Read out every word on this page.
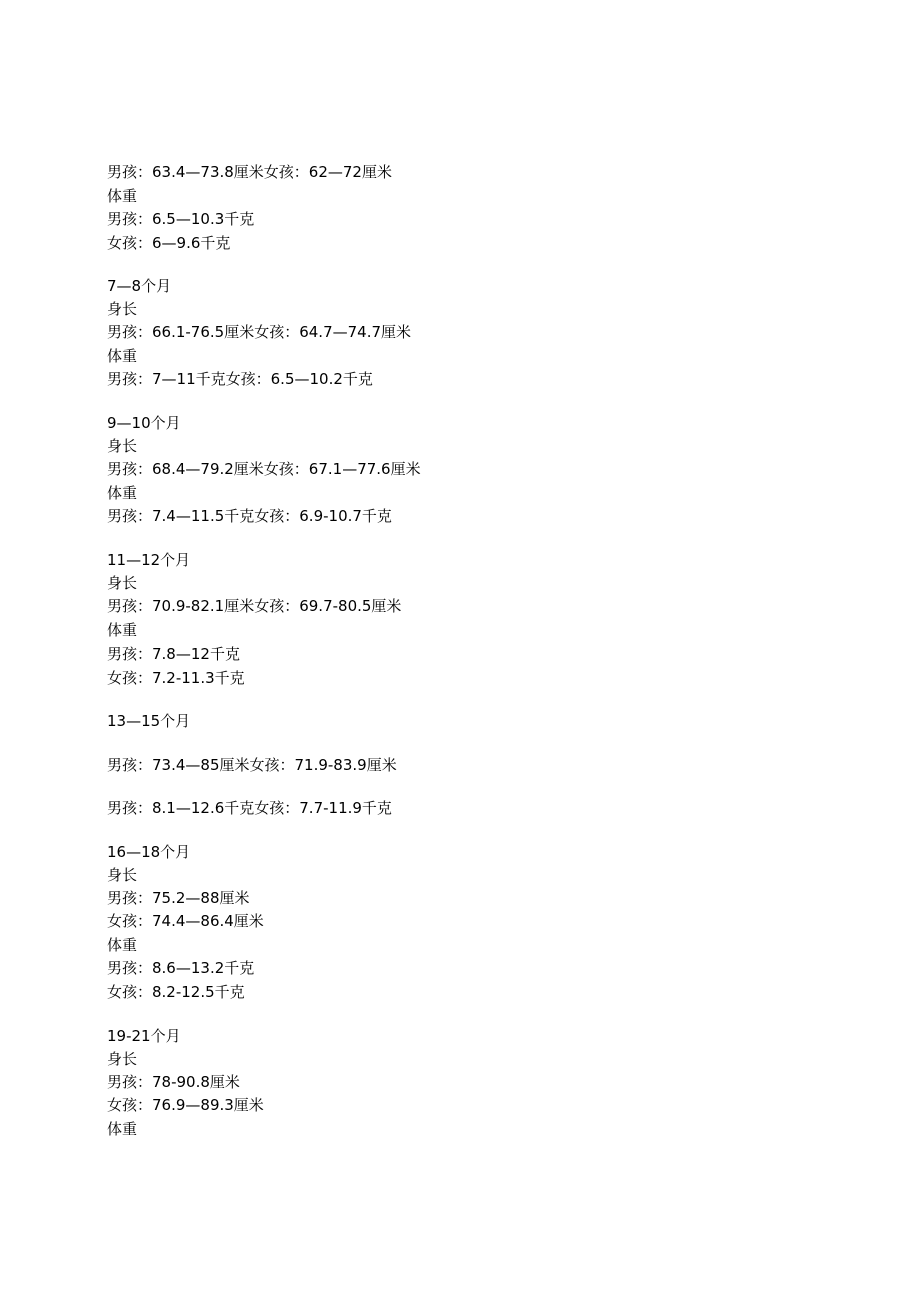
男孩：63.4—73.8厘米女孩：62—72厘米
体重
男孩：6.5—10.3千克
女孩：6—9.6千克
7—8个月
身长
男孩：66.1-76.5厘米女孩：64.7—74.7厘米
体重
男孩：7—11千克女孩：6.5—10.2千克
9—10个月
身长
男孩：68.4—79.2厘米女孩：67.1—77.6厘米
体重
男孩：7.4—11.5千克女孩：6.9-10.7千克
11—12个月
身长
男孩：70.9-82.1厘米女孩：69.7-80.5厘米
体重
男孩：7.8—12千克
女孩：7.2-11.3千克
13—15个月
男孩：73.4—85厘米女孩：71.9-83.9厘米
男孩：8.1—12.6千克女孩：7.7-11.9千克
16—18个月
身长
男孩：75.2—88厘米
女孩：74.4—86.4厘米
体重
男孩：8.6—13.2千克
女孩：8.2-12.5千克
19-21个月
身长
男孩：78-90.8厘米
女孩：76.9—89.3厘米
体重
